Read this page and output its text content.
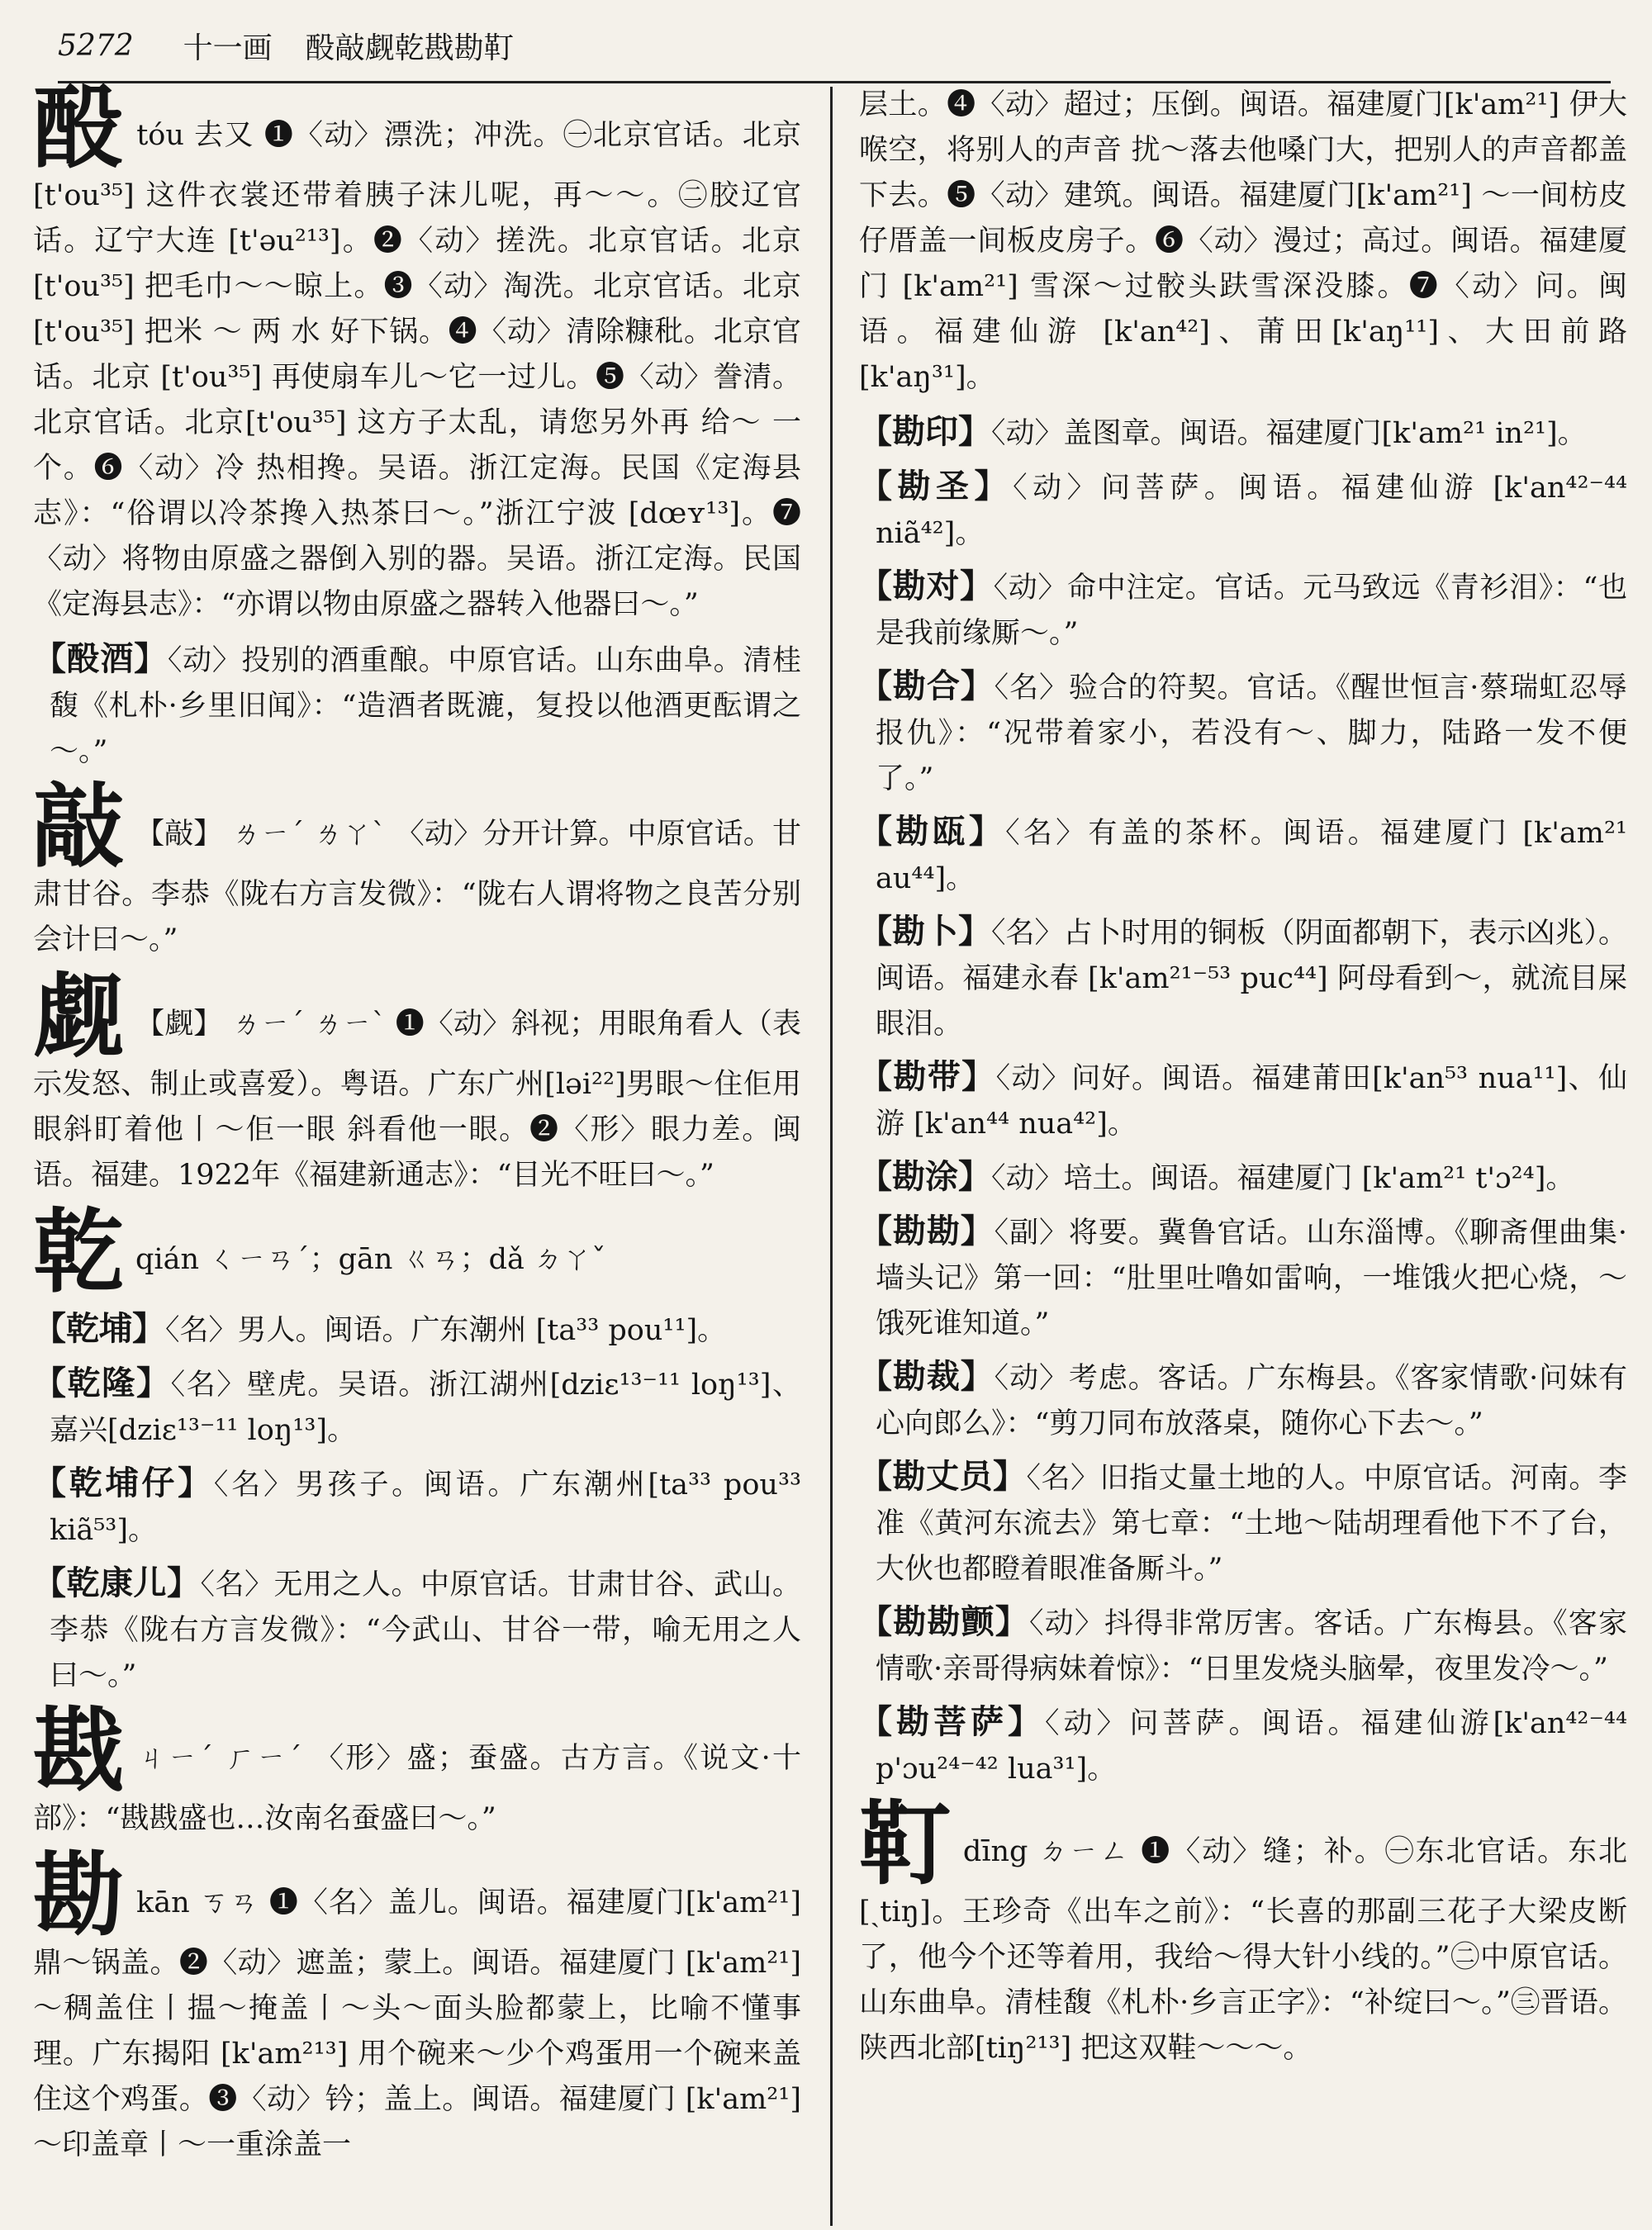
5272 十一画 酘敲觑乾戡勘靪

酘tóu 去又 ❶〈动〉漂洗；冲洗。㊀北京官话。北京[t'ou³⁵] 这件衣裳还带着胰子沫儿呢，再～～。㊁胶辽官话。辽宁大连 [t'əu²¹³]。❷〈动〉搓洗。北京官话。北京 [t'ou³⁵] 把毛巾～～晾上。❸〈动〉淘洗。北京官话。北京 [t'ou³⁵] 把米 ～ 两 水 好下锅。❹〈动〉清除糠秕。北京官话。北京 [t'ou³⁵] 再使扇车儿～它一过儿。❺〈动〉誊清。北京官话。北京[t'ou³⁵] 这方子太乱，请您另外再 给～ 一 个。❻〈动〉冷 热相搀。吴语。浙江定海。民国《定海县志》：“俗谓以冷茶搀入热茶曰～。”浙江宁波 [dœʏ¹³]。❼〈动〉将物由原盛之器倒入别的器。吴语。浙江定海。民国《定海县志》：“亦谓以物由原盛之器转入他器曰～。”

【酘酒】〈动〉投别的酒重酿。中原官话。山东曲阜。清桂馥《札朴·乡里旧闻》：“造酒者既漉，复投以他酒更酝谓之～。”

敲 【敲】 ㄌㄧˊ ㄌㄚˋ 〈动〉分开计算。中原官话。甘肃甘谷。李恭《陇右方言发微》：“陇右人谓将物之良苦分别会计曰～。”

觑 【觑】 ㄌㄧˊ ㄌㄧˋ ❶〈动〉斜视；用眼角看人（表示发怒、制止或喜爱）。粤语。广东广州[ləi²²]男眼～住佢用眼斜盯着他丨～佢一眼 斜看他一眼。❷〈形〉眼力差。闽语。福建。1922年《福建新通志》：“目光不旺曰～。”

乾qián ㄑㄧㄢˊ；gān ㄍㄢ；dǎ ㄉㄚˇ

【乾埔】〈名〉男人。闽语。广东潮州 [ta³³ pou¹¹]。

【乾隆】〈名〉壁虎。吴语。浙江湖州[dziɛ¹³⁻¹¹ loŋ¹³]、嘉兴[dziɛ¹³⁻¹¹ loŋ¹³]。

【乾埔仔】〈名〉男孩子。闽语。广东潮州[ta³³ pou³³ kiã⁵³]。

【乾康儿】〈名〉无用之人。中原官话。甘肃甘谷、武山。李恭《陇右方言发微》：“今武山、甘谷一带，喻无用之人曰～。”

戡ㄐㄧˊ ㄏㄧˊ 〈形〉盛；蚕盛。古方言。《说文·十部》：“戡戡盛也…汝南名蚕盛曰～。”

勘kān ㄎㄢ ❶〈名〉盖儿。闽语。福建厦门[k'am²¹] 鼎～锅盖。❷〈动〉遮盖；蒙上。闽语。福建厦门 [k'am²¹] ～稠盖住丨揾～掩盖丨～头～面头脸都蒙上，比喻不懂事理。广东揭阳 [k'am²¹³] 用个碗来～少个鸡蛋用一个碗来盖住这个鸡蛋。❸〈动〉钤；盖上。闽语。福建厦门 [k'am²¹] ～印盖章丨～一重涂盖一

层土。❹〈动〉超过；压倒。闽语。福建厦门[k'am²¹] 伊大喉空，将别人的声音 扰～落去他嗓门大，把别人的声音都盖下去。❺〈动〉建筑。闽语。福建厦门[k'am²¹] ～一间枋皮仔厝盖一间板皮房子。❻〈动〉漫过；高过。闽语。福建厦门 [k'am²¹] 雪深～过骹头趺雪深没膝。❼〈动〉问。闽语。福建仙游 [k'an⁴²]、莆田[k'aŋ¹¹]、大田前路 [k'aŋ³¹]。

【勘印】〈动〉盖图章。闽语。福建厦门[k'am²¹ in²¹]。

【勘圣】〈动〉问菩萨。闽语。福建仙游 [k'an⁴²⁻⁴⁴ niã⁴²]。

【勘对】〈动〉命中注定。官话。元马致远《青衫泪》：“也是我前缘厮～。”

【勘合】〈名〉验合的符契。官话。《醒世恒言·蔡瑞虹忍辱报仇》：“况带着家小，若没有～、脚力，陆路一发不便了。”

【勘瓯】〈名〉有盖的茶杯。闽语。福建厦门 [k'am²¹ au⁴⁴]。

【勘卜】〈名〉占卜时用的铜板（阴面都朝下，表示凶兆）。闽语。福建永春 [k'am²¹⁻⁵³ puc⁴⁴] 阿母看到～，就流目屎眼泪。

【勘带】〈动〉问好。闽语。福建莆田[k'an⁵³ nua¹¹]、仙游 [k'an⁴⁴ nua⁴²]。

【勘涂】〈动〉培土。闽语。福建厦门 [k'am²¹ t'ɔ²⁴]。

【勘勘】〈副〉将要。冀鲁官话。山东淄博。《聊斋俚曲集·墙头记》第一回：“肚里吐噜如雷响，一堆饿火把心烧，～饿死谁知道。”

【勘裁】〈动〉考虑。客话。广东梅县。《客家情歌·问妹有心向郎么》：“剪刀同布放落桌，随你心下去～。”

【勘丈员】〈名〉旧指丈量土地的人。中原官话。河南。李准《黄河东流去》第七章：“土地～陆胡理看他下不了台，大伙也都瞪着眼准备厮斗。”

【勘勘颤】〈动〉抖得非常厉害。客话。广东梅县。《客家情歌·亲哥得病妹着惊》：“日里发烧头脑晕，夜里发冷～。”

【勘菩萨】〈动〉问菩萨。闽语。福建仙游[k'an⁴²⁻⁴⁴ p'ɔu²⁴⁻⁴² lua³¹]。

靪dīng ㄉㄧㄥ ❶〈动〉缝；补。㊀东北官话。东北 [ˏtiŋ]。王珍奇《出车之前》：“长喜的那副三花子大梁皮断了，他今个还等着用，我给～得大针小线的。”㊁中原官话。山东曲阜。清桂馥《札朴·乡言正字》：“补绽曰～。”㊂晋语。陕西北部[tiŋ²¹³] 把这双鞋～～～。
